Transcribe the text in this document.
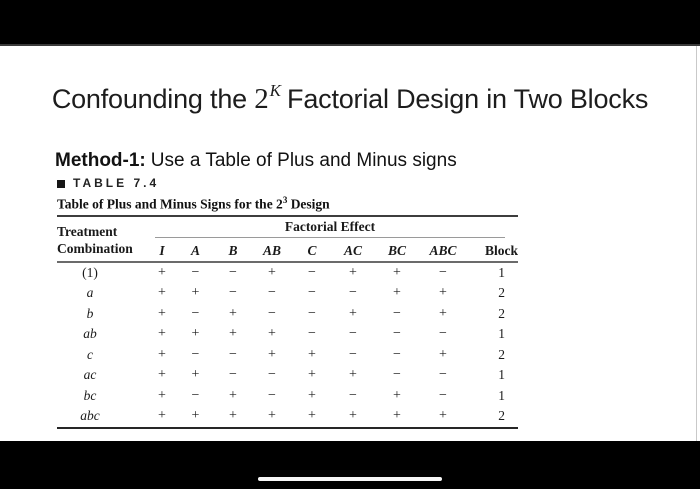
Confounding the $2^K$ Factorial Design in Two Blocks
Method-1: Use a Table of Plus and Minus signs
TABLE 7.4
Table of Plus and Minus Signs for the $2^3$ Design
Treatment
Combination
Factorial Effect
I	A	B	AB	C	AC	BC	ABC	Block
(1)	+	−	−	+	−	+	+	−	1
a	+	+	−	−	−	−	+	+	2
b	+	−	+	−	−	+	−	+	2
ab	+	+	+	+	−	−	−	−	1
c	+	−	−	+	+	−	−	+	2
ac	+	+	−	−	+	+	−	−	1
bc	+	−	+	−	+	−	+	−	1
abc	+	+	+	+	+	+	+	+	2
